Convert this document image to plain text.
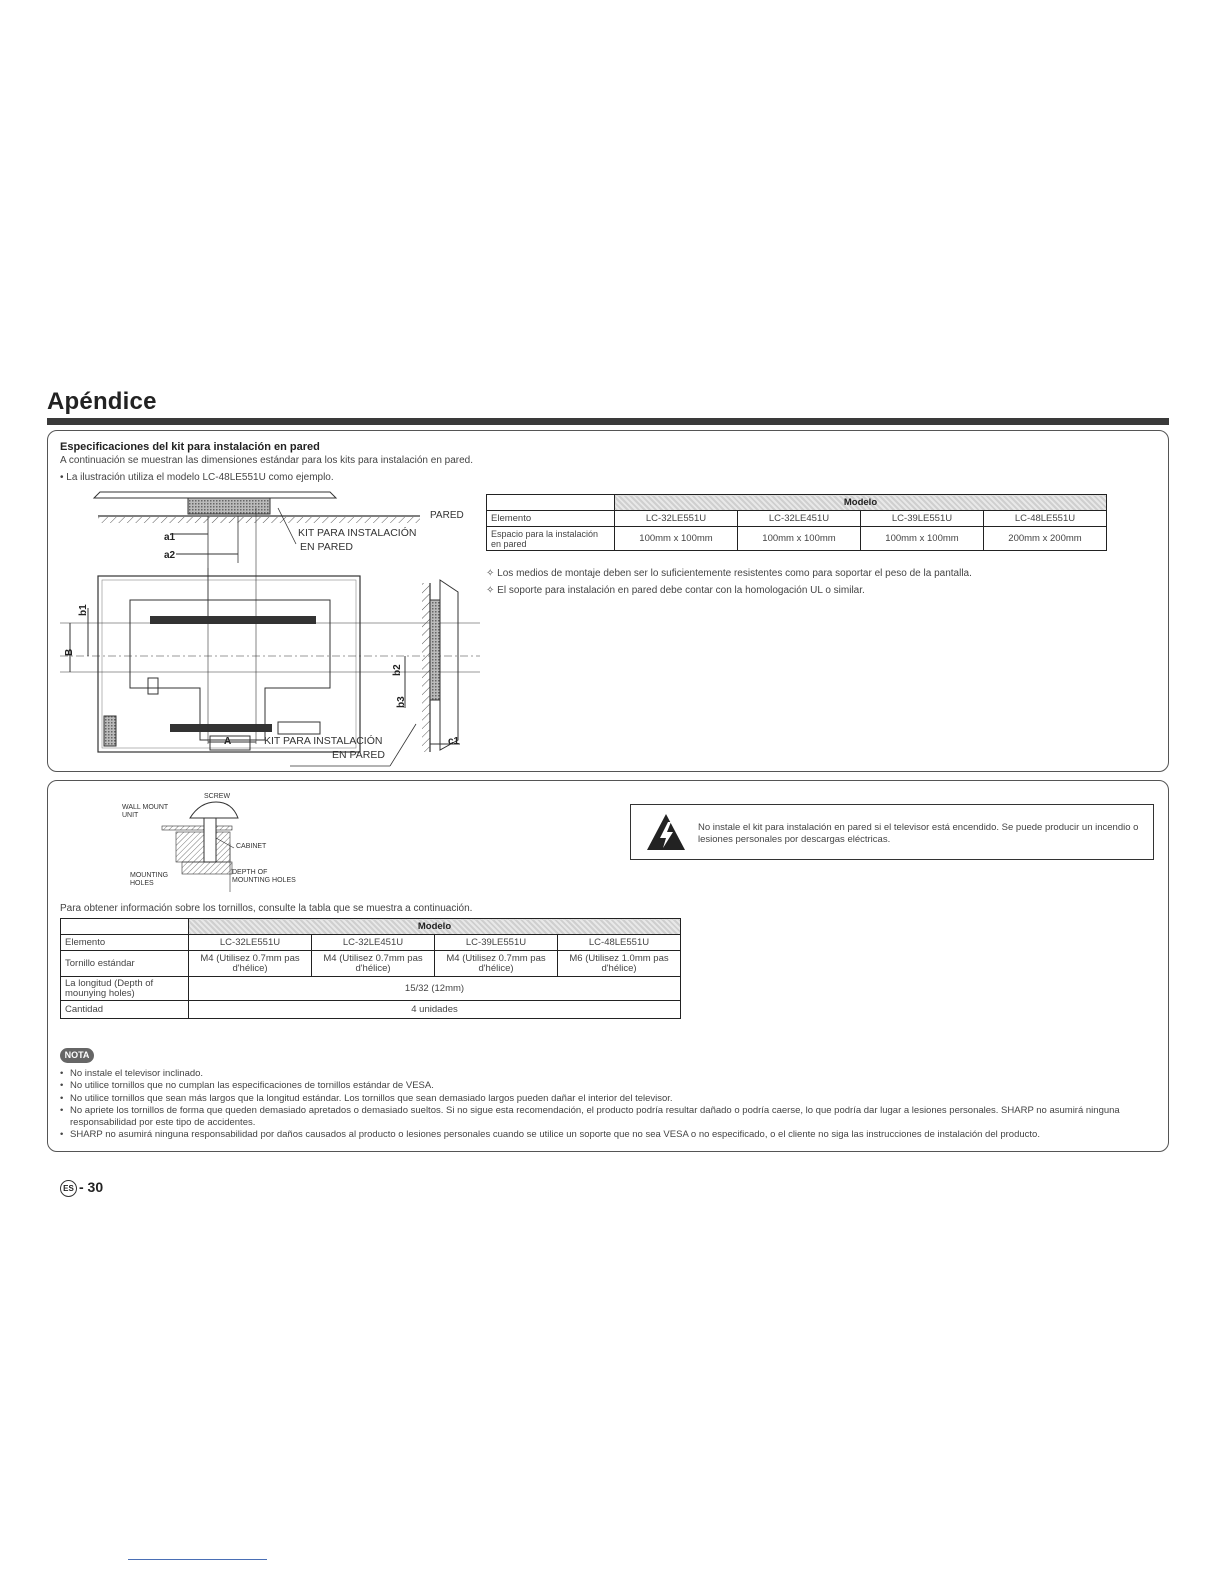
Apéndice
Especificaciones del kit para instalación en pared
A continuación se muestran las dimensiones estándar para los kits para instalación en pared.
• La ilustración utiliza el modelo LC-48LE551U como ejemplo.
a1
a2
PARED
KIT PARA INSTALACIÓN
EN PARED
B
b1
b2
b3
A	c1
KIT PARA INSTALACIÓN
EN PARED
	Modelo			
Elemento	LC-32LE551U	LC-32LE451U	LC-39LE551U	LC-48LE551U
Espacio para la instalación en pared	100mm x 100mm	100mm x 100mm	100mm x 100mm	200mm x 200mm
✧ Los medios de montaje deben ser lo suficientemente resistentes como para soportar el peso de la pantalla.
✧ El soporte para instalación en pared debe contar con la homologación UL o similar.
SCREW
WALL MOUNT
UNIT
CABINET
MOUNTING
HOLES
DEPTH OF
MOUNTING HOLES
No instale el kit para instalación en pared si el televisor está encendido. Se puede producir un incendio o lesiones personales por descargas eléctricas.
Para obtener información sobre los tornillos, consulte la tabla que se muestra a continuación.
	Modelo			
Elemento	LC-32LE551U	LC-32LE451U	LC-39LE551U	LC-48LE551U
Tornillo estándar	M4 (Utilisez 0.7mm pas d'hélice)	M4 (Utilisez 0.7mm pas d'hélice)	M4 (Utilisez 0.7mm pas d'hélice)	M6 (Utilisez 1.0mm pas d'hélice)
La longitud (Depth of mounying holes)	15/32 (12mm)			
Cantidad	4 unidades			
NOTA
• No instale el televisor inclinado.
• No utilice tornillos que no cumplan las especificaciones de tornillos estándar de VESA.
• No utilice tornillos que sean más largos que la longitud estándar. Los tornillos que sean demasiado largos pueden dañar el interior del televisor.
• No apriete los tornillos de forma que queden demasiado apretados o demasiado sueltos. Si no sigue esta recomendación, el producto podría resultar dañado o podría caerse, lo que podría dar lugar a lesiones personales. SHARP no asumirá ninguna responsabilidad por este tipo de accidentes.
• SHARP no asumirá ninguna responsabilidad por daños causados al producto o lesiones personales cuando se utilice un soporte que no sea VESA o no especificado, o el cliente no siga las instrucciones de instalación del producto.
ES - 30
